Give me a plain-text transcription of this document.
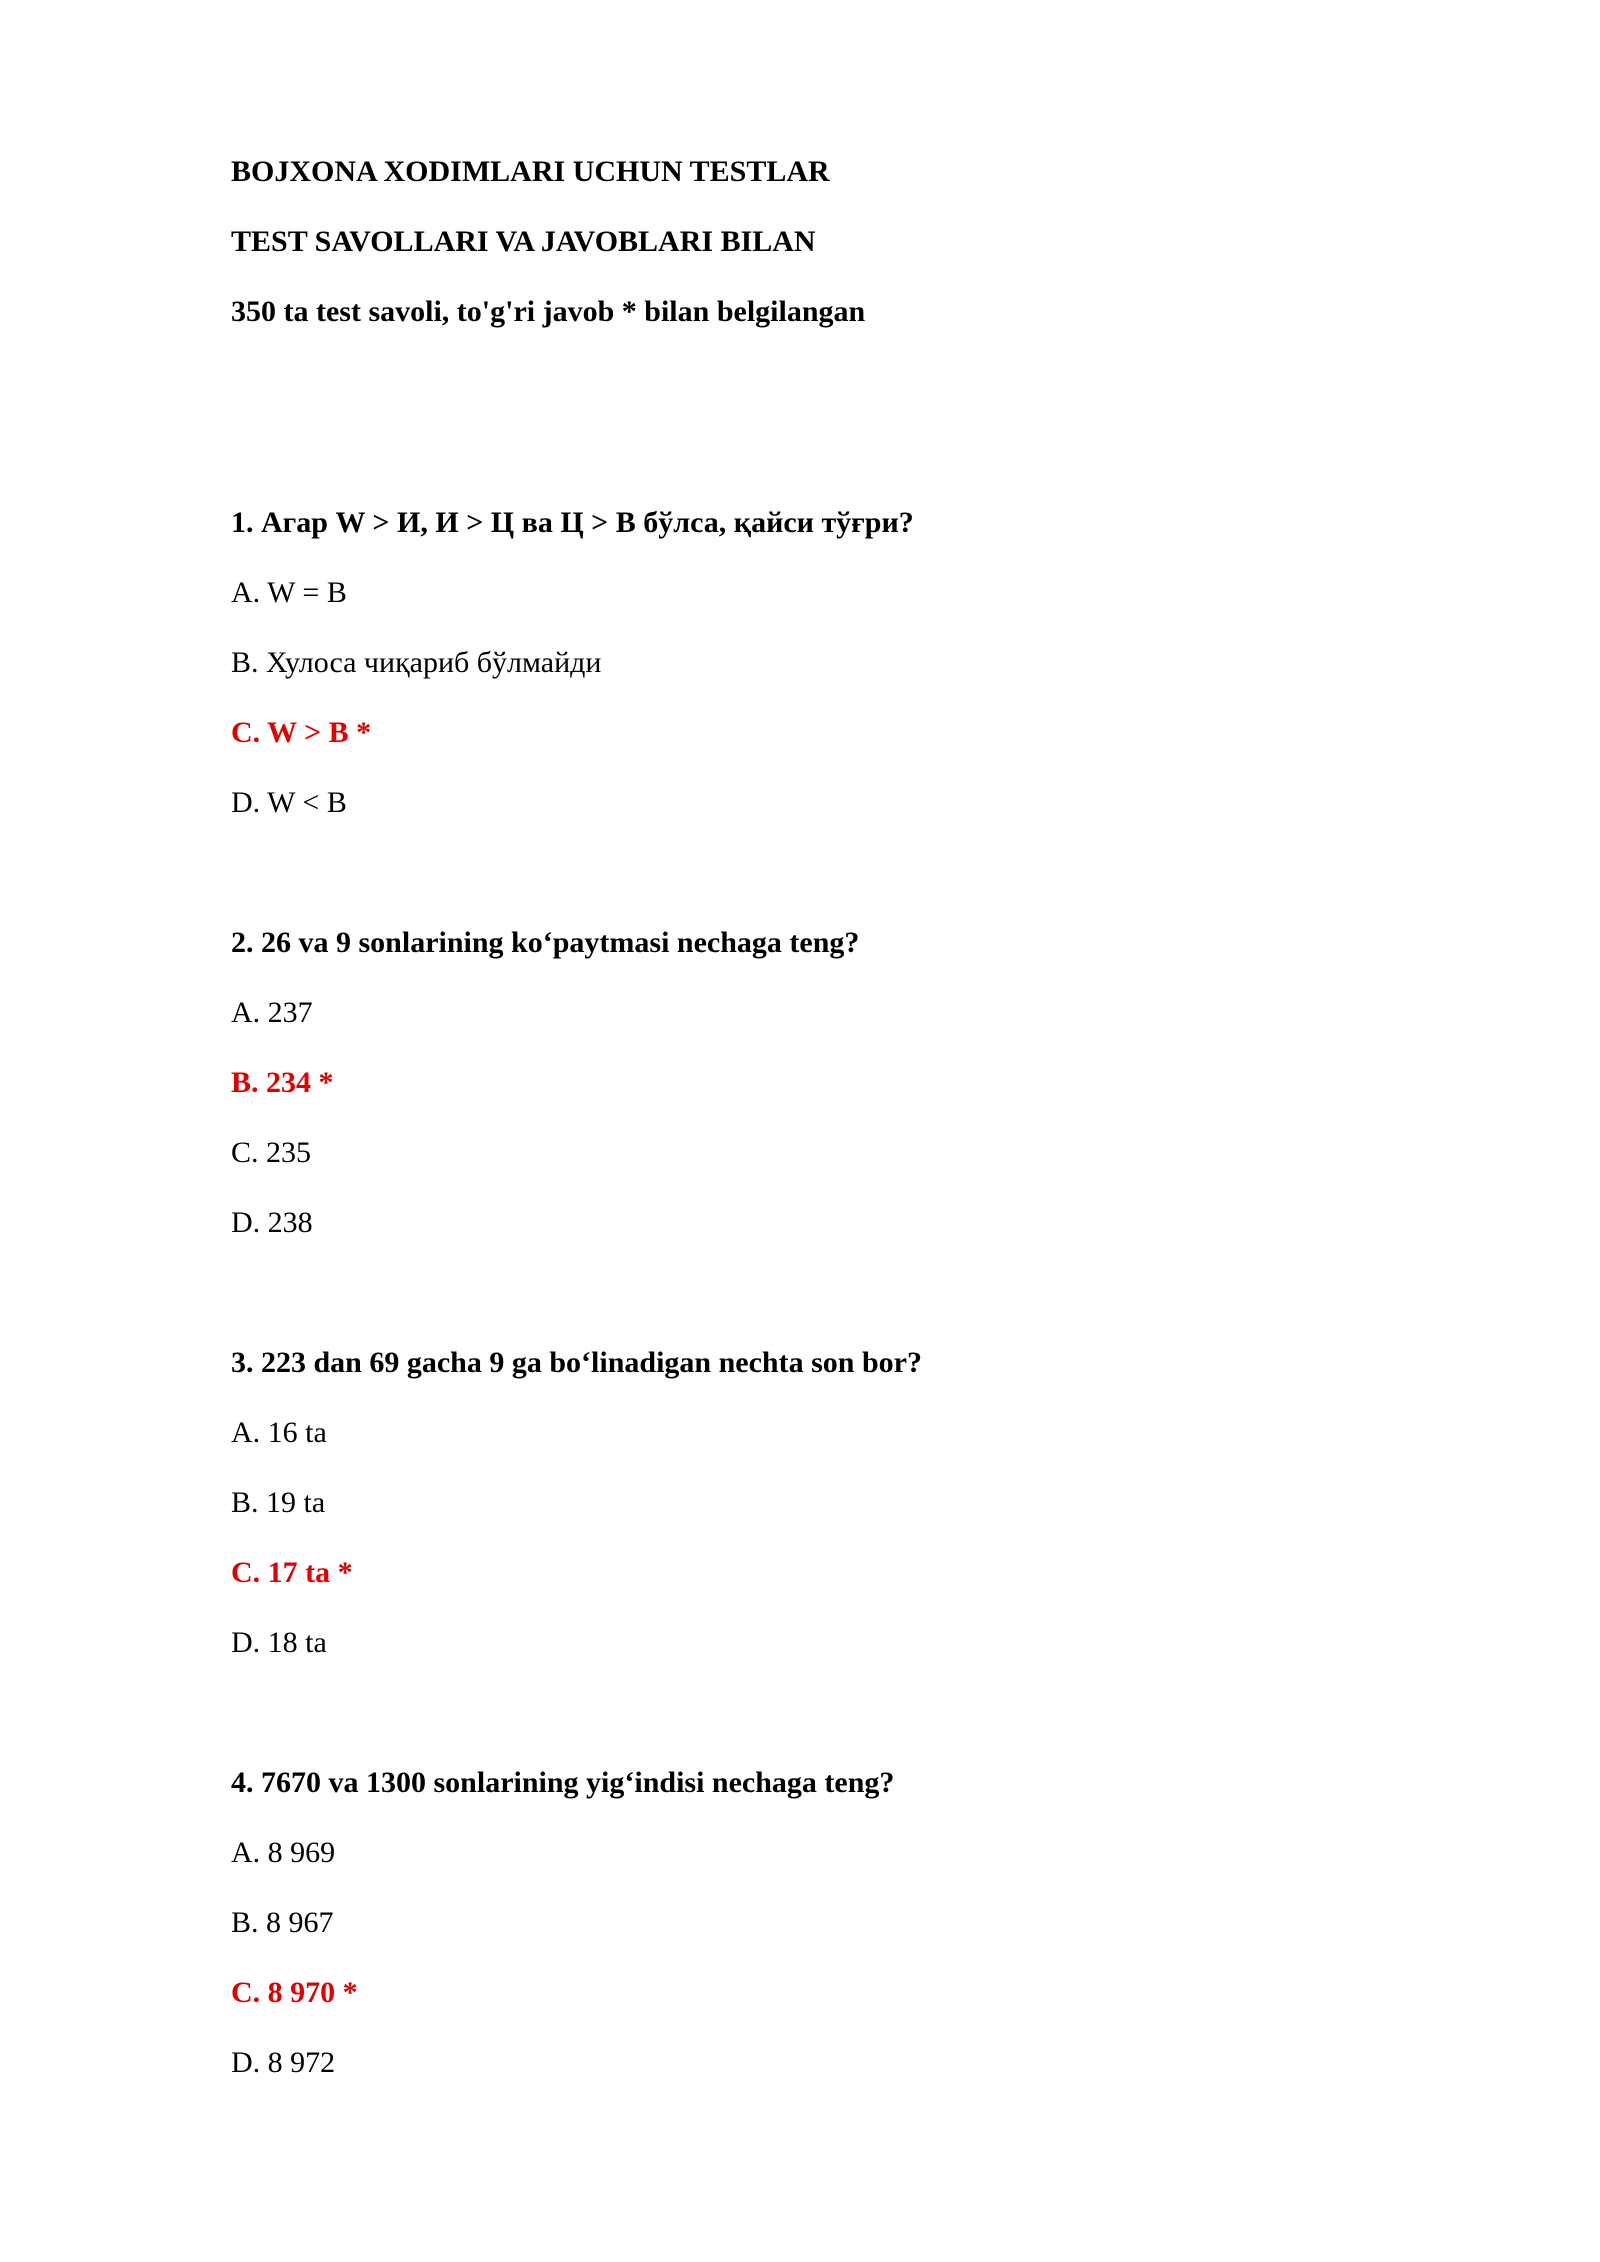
BOJXONA XODIMLARI UCHUN TESTLAR
TEST SAVOLLARI VA JAVOBLARI BILAN
350 ta test savoli, to'g'ri javob * bilan belgilangan
1. Агар W > И, И > Ц ва Ц > В бўлса, қайси тўғри?
A. W = B
B. Хулоса чиқариб бўлмайди
C. W > B *
D. W < B
2. 26 va 9 sonlarining ko‘paytmasi nechaga teng?
A. 237
B. 234 *
C. 235
D. 238
3. 223 dan 69 gacha 9 ga bo‘linadigan nechta son bor?
A. 16 ta
B. 19 ta
C. 17 ta *
D. 18 ta
4. 7670 va 1300 sonlarining yig‘indisi nechaga teng?
A. 8 969
B. 8 967
C. 8 970 *
D. 8 972
